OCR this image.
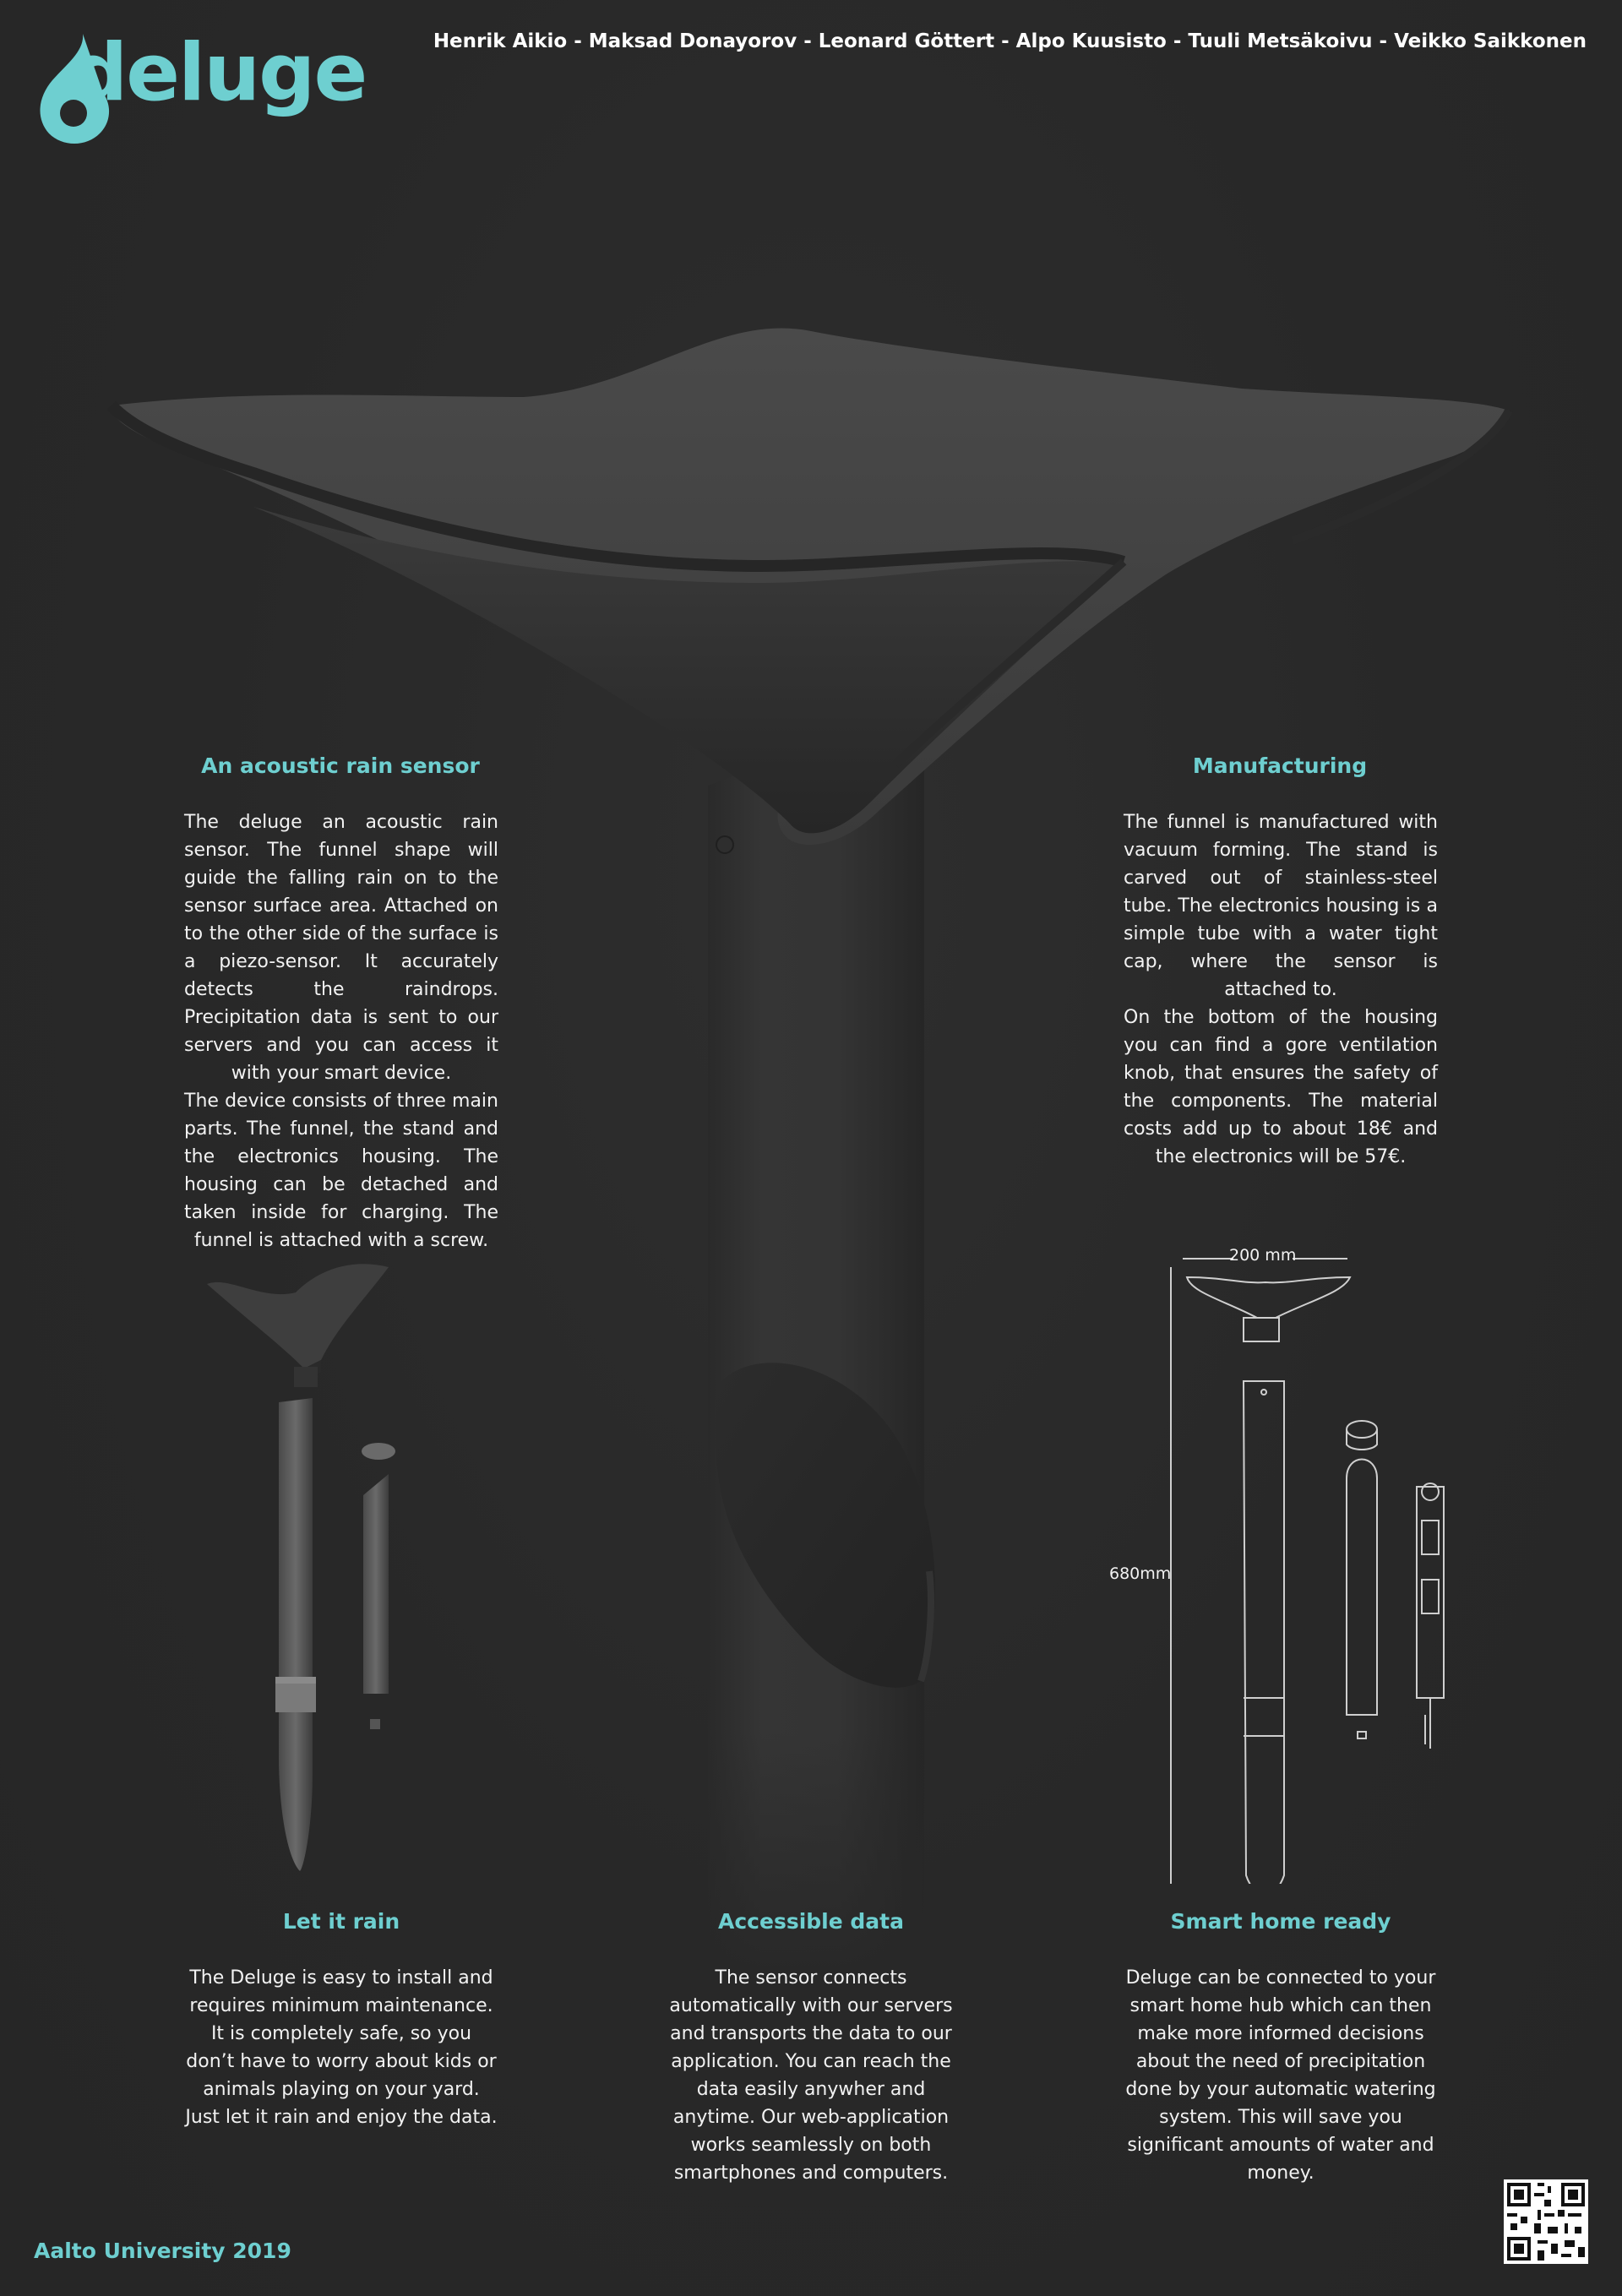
deluge	Henrik Aikio - Maksad Donayorov - Leonard Göttert - Alpo Kuusisto - Tuuli Metsäkoivu - Veikko Saikkonen
An acoustic rain sensor

The deluge an acoustic rain sensor. The funnel shape will guide the falling rain on to the sensor surface area. Attached on to the other side of the surface is a piezo-sensor. It accurately detects the raindrops. Precipitation data is sent to our servers and you can access it with your smart device.

The device consists of three main parts. The funnel, the stand and the electronics housing. The housing can be detached and taken inside for charging. The funnel is attached with a screw.

Manufacturing

The funnel is manufactured with vacuum forming. The stand is carved out of stainless-steel tube. The electronics housing is a simple tube with a water tight cap, where the sensor is attached to.

On the bottom of the housing you can find a gore ventilation knob, that ensures the safety of the components. The material costs add up to about 18€ and the electronics will be 57€.

200 mm
680mm
Let it rain
The Deluge is easy to install and requires minimum maintenance. It is completely safe, so you don’t have to worry about kids or animals playing on your yard. Just let it rain and enjoy the data.
Accessible data
The sensor connects automatically with our servers and transports the data to our application. You can reach the data easily anywher and anytime. Our web-application works seamlessly on both smartphones and computers.
Smart home ready
Deluge can be connected to your smart home hub which can then make more informed decisions about the need of precipitation done by your automatic watering system. This will save you significant amounts of water and money.
Aalto University 2019
